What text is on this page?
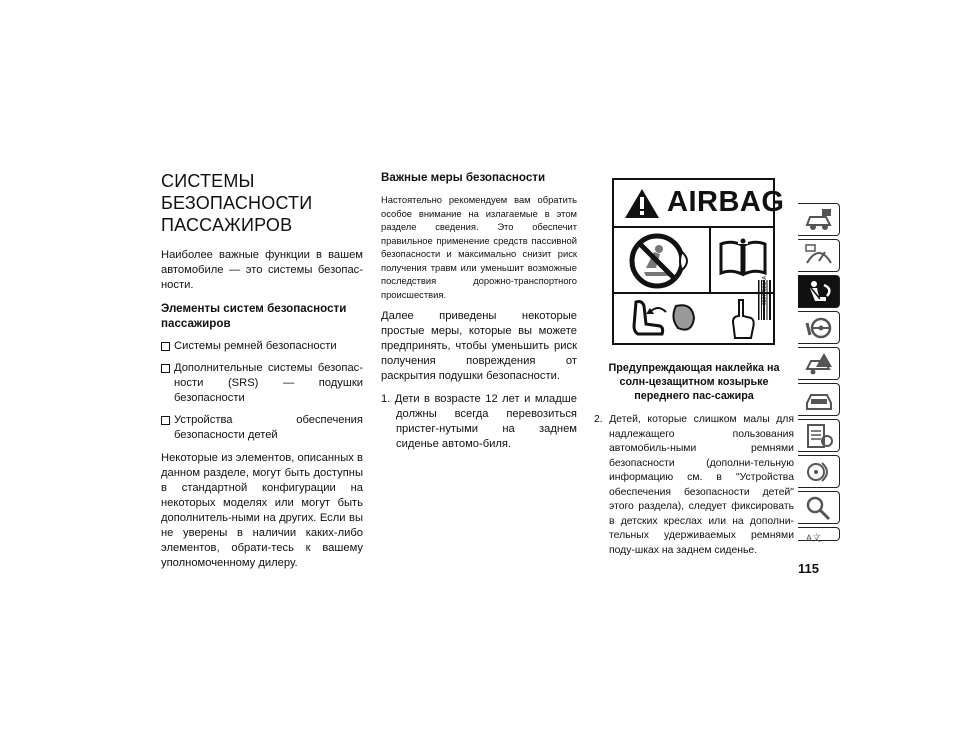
СИСТЕМЫ
БЕЗОПАСНОСТИ
ПАССАЖИРОВ

Наиболее важные функции в вашем автомобиле — это системы безопас-ности.

Элементы систем безопасности пассажиров
Системы ремней безопасности
Дополнительные системы безопас-ности (SRS) — подушки безопасности
Устройства обеспечения безопасности детей

Некоторые из элементов, описанных в данном разделе, могут быть доступны в стандартной конфигурации на некоторых моделях или могут быть дополнитель-ными на других. Если вы не уверены в наличии каких-либо элементов, обрати-тесь к вашему уполномоченному дилеру.

Важные меры безопасности

Настоятельно рекомендуем вам обратить особое внимание на излагаемые в этом разделе сведения. Это обеспечит правильное применение средств пассивной безопасности и максимально снизит риск получения травм или уменьшит возможные последствия дорожно-транспортного происшествия.

Далее приведены некоторые простые меры, которые вы можете предпринять, чтобы уменьшить риск получения повреждения от раскрытия подушки безопасности.

1. Дети в возрасте 12 лет и младше должны всегда перевозиться пристег-нутыми на заднем сиденье автомо-биля.

AIRBAG
68077500AA

Предупреждающая наклейка на солн-цезащитном козырьке переднего пас-сажира

2. Детей, которые слишком малы для надлежащего пользования автомобиль-ными ремнями безопасности (дополни-тельную информацию см. в "Устройства обеспечения безопасности детей" этого раздела), следует фиксировать в детских креслах или на дополни-тельных удерживаемых ремнями поду-шках на заднем сиденье.

115
A文
